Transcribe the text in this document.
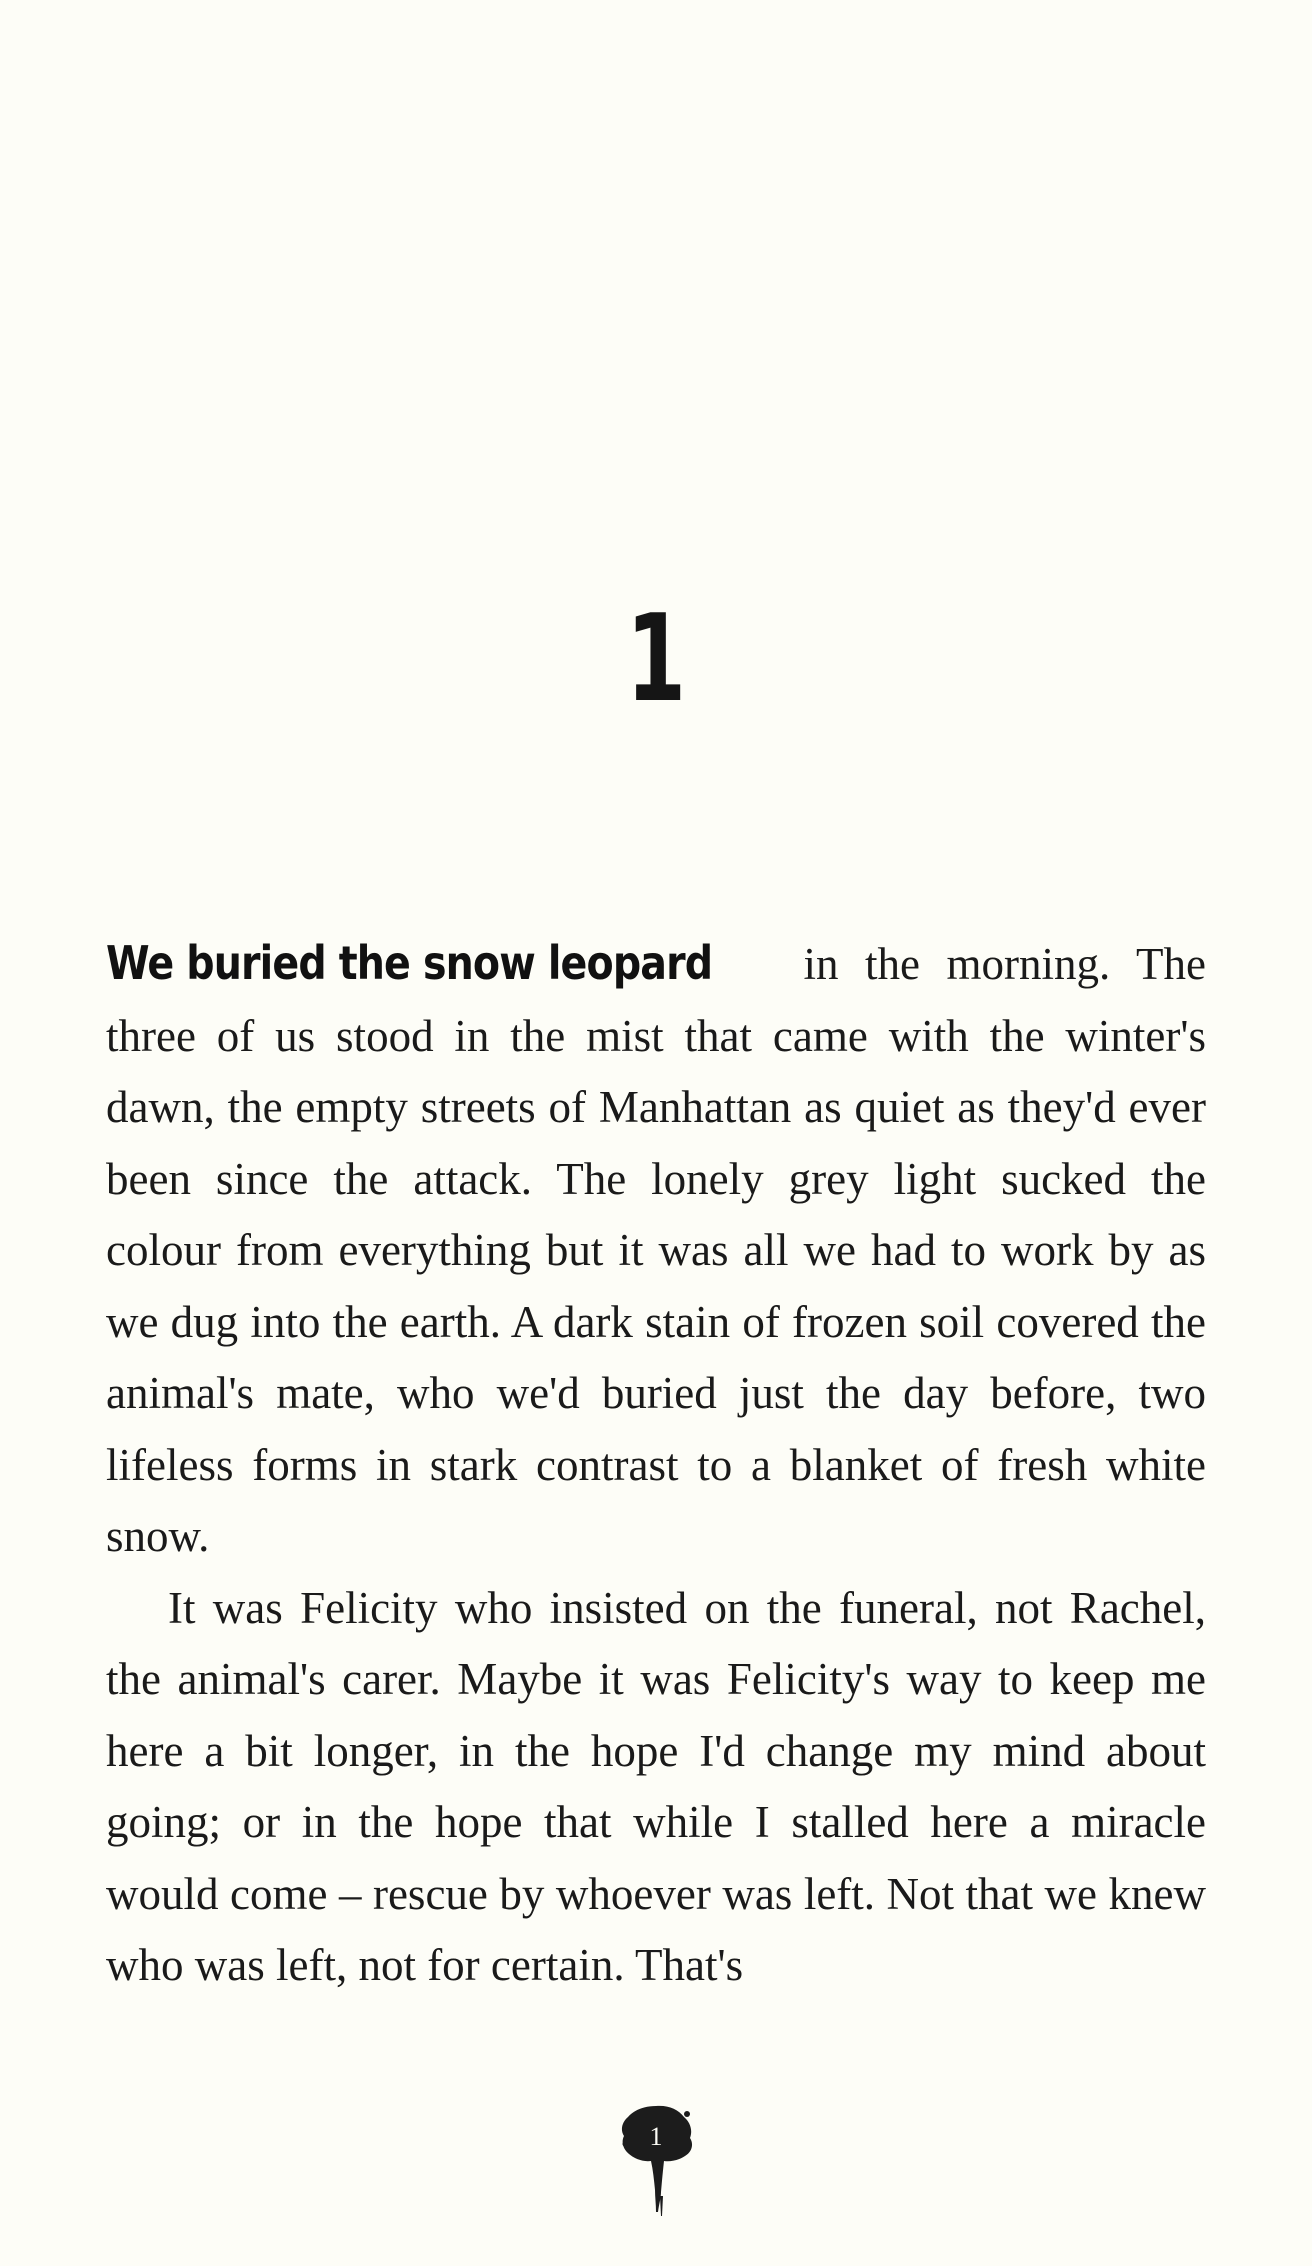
1

We buried the snow leopard in the morning. The three of us stood in the mist that came with the winter's dawn, the empty streets of Manhattan as quiet as they'd ever been since the attack. The lonely grey light sucked the colour from everything but it was all we had to work by as we dug into the earth. A dark stain of frozen soil covered the animal's mate, who we'd buried just the day before, two lifeless forms in stark contrast to a blanket of fresh white snow.

It was Felicity who insisted on the funeral, not Rachel, the animal's carer. Maybe it was Felicity's way to keep me here a bit longer, in the hope I'd change my mind about going; or in the hope that while I stalled here a miracle would come – rescue by whoever was left. Not that we knew who was left, not for certain. That's

1
